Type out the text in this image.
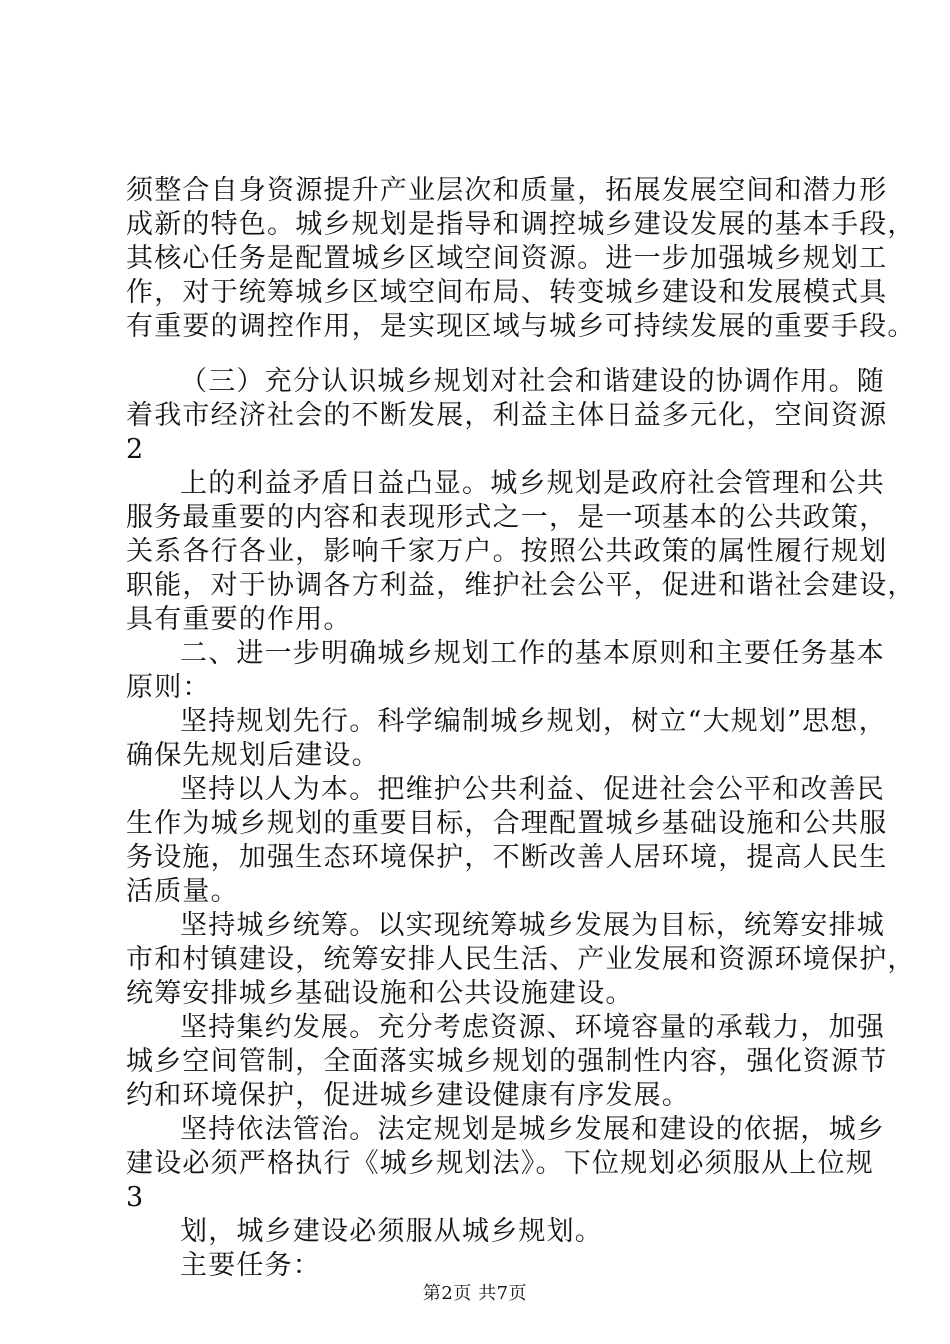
须整合自身资源提升产业层次和质量，拓展发展空间和潜力形
成新的特色。城乡规划是指导和调控城乡建设发展的基本手段，
其核心任务是配置城乡区域空间资源。进一步加强城乡规划工
作，对于统筹城乡区域空间布局、转变城乡建设和发展模式具
有重要的调控作用，是实现区域与城乡可持续发展的重要手段。
（三）充分认识城乡规划对社会和谐建设的协调作用。随
着我市经济社会的不断发展，利益主体日益多元化，空间资源
2
上的利益矛盾日益凸显。城乡规划是政府社会管理和公共
服务最重要的内容和表现形式之一，是一项基本的公共政策，
关系各行各业，影响千家万户。按照公共政策的属性履行规划
职能，对于协调各方利益，维护社会公平，促进和谐社会建设，
具有重要的作用。
二、进一步明确城乡规划工作的基本原则和主要任务基本
原则：
坚持规划先行。科学编制城乡规划，树立“大规划”思想，
确保先规划后建设。
坚持以人为本。把维护公共利益、促进社会公平和改善民
生作为城乡规划的重要目标，合理配置城乡基础设施和公共服
务设施，加强生态环境保护，不断改善人居环境，提高人民生
活质量。
坚持城乡统筹。以实现统筹城乡发展为目标，统筹安排城
市和村镇建设，统筹安排人民生活、产业发展和资源环境保护，
统筹安排城乡基础设施和公共设施建设。
坚持集约发展。充分考虑资源、环境容量的承载力，加强
城乡空间管制，全面落实城乡规划的强制性内容，强化资源节
约和环境保护，促进城乡建设健康有序发展。
坚持依法管治。法定规划是城乡发展和建设的依据，城乡
建设必须严格执行《城乡规划法》。下位规划必须服从上位规
3
划，城乡建设必须服从城乡规划。
主要任务：
第2页 共7页
